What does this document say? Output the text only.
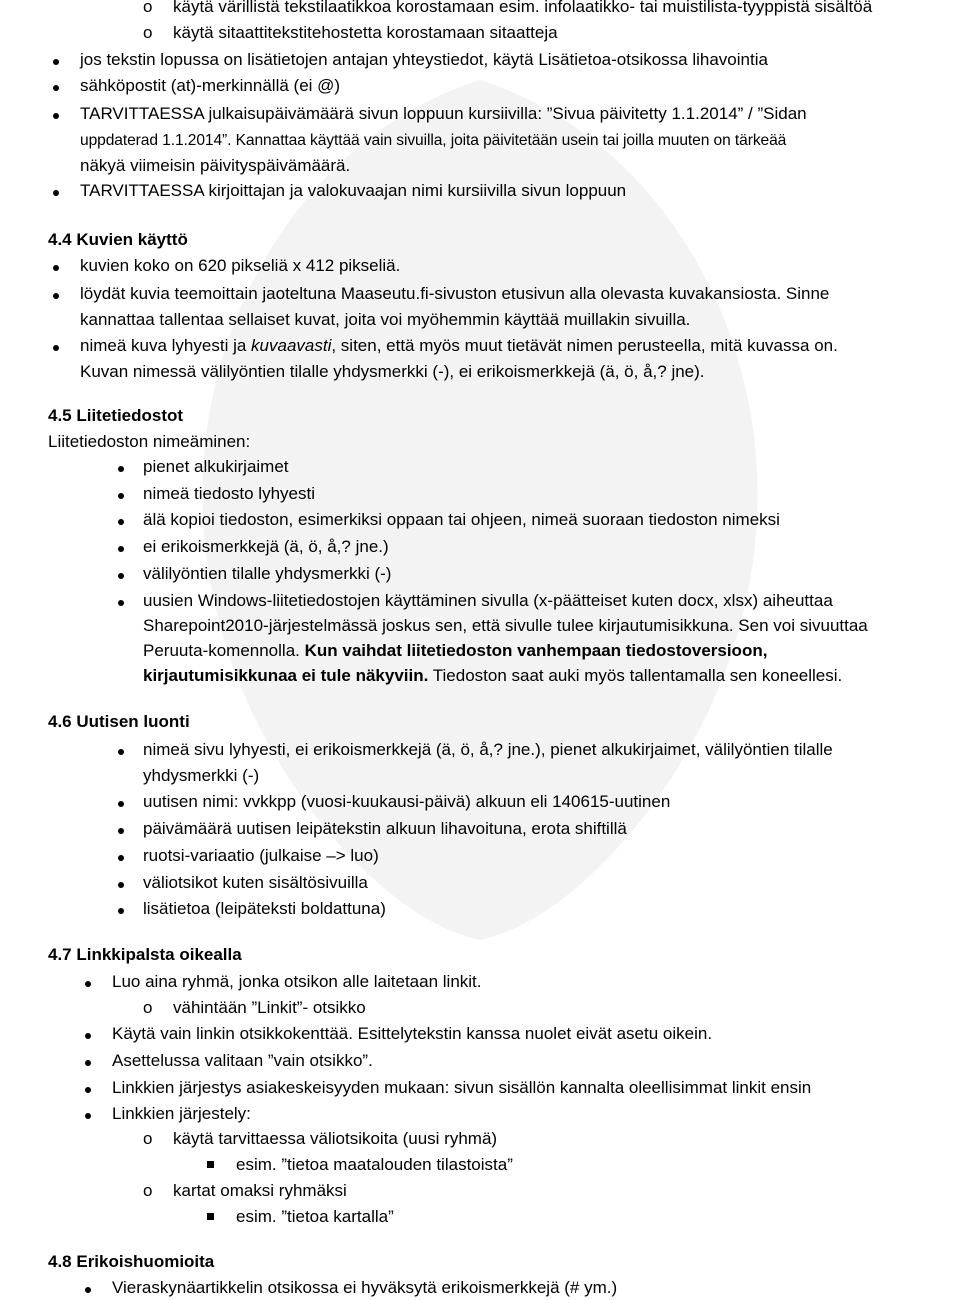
o käytä värillistä tekstilaatikkoa korostamaan esim. infolaatikko- tai muistilista-tyyppistä sisältöä
o käytä sitaattitekstitehostetta korostamaan sitaatteja
jos tekstin lopussa on lisätietojen antajan yhteystiedot, käytä Lisätietoa-otsikossa lihavointia
sähköpostit (at)-merkinnällä (ei @)
TARVITTAESSA julkaisupäivämäärä sivun loppuun kursiivilla: ”Sivua päivitetty 1.1.2014” / ”Sidan
uppdaterad 1.1.2014”. Kannattaa käyttää vain sivuilla, joita päivitetään usein tai joilla muuten on tärkeää
näkyä viimeisin päivityspäivämäärä.
TARVITTAESSA kirjoittajan ja valokuvaajan nimi kursiivilla sivun loppuun
4.4 Kuvien käyttö
kuvien koko on 620 pikseliä x 412 pikseliä.
löydät kuvia teemoittain jaoteltuna Maaseutu.fi-sivuston etusivun alla olevasta kuvakansiosta. Sinne
kannattaa tallentaa sellaiset kuvat, joita voi myöhemmin käyttää muillakin sivuilla.
nimeä kuva lyhyesti ja kuvaavasti, siten, että myös muut tietävät nimen perusteella, mitä kuvassa on.
Kuvan nimessä välilyöntien tilalle yhdysmerkki (-), ei erikoismerkkejä (ä, ö, å,? jne).
4.5 Liitetiedostot
Liitetiedoston nimeäminen:
pienet alkukirjaimet
nimeä tiedosto lyhyesti
älä kopioi tiedoston, esimerkiksi oppaan tai ohjeen, nimeä suoraan tiedoston nimeksi
ei erikoismerkkejä (ä, ö, å,? jne.)
välilyöntien tilalle yhdysmerkki (-)
uusien Windows-liitetiedostojen käyttäminen sivulla (x-päätteiset kuten docx, xlsx) aiheuttaa
Sharepoint2010-järjestelmässä joskus sen, että sivulle tulee kirjautumisikkuna. Sen voi sivuuttaa
Peruuta-komennolla. Kun vaihdat liitetiedoston vanhempaan tiedostoversioon,
kirjautumisikkunaa ei tule näkyviin. Tiedoston saat auki myös tallentamalla sen koneellesi.
4.6 Uutisen luonti
nimeä sivu lyhyesti, ei erikoismerkkejä (ä, ö, å,? jne.), pienet alkukirjaimet, välilyöntien tilalle
yhdysmerkki (-)
uutisen nimi: vvkkpp (vuosi-kuukausi-päivä) alkuun eli 140615-uutinen
päivämäärä uutisen leipätekstin alkuun lihavoituna, erota shiftillä
ruotsi-variaatio (julkaise –> luo)
väliotsikot kuten sisältösivuilla
lisätietoa (leipäteksti boldattuna)
4.7 Linkkipalsta oikealla
Luo aina ryhmä, jonka otsikon alle laitetaan linkit.
o vähintään ”Linkit”- otsikko
Käytä vain linkin otsikkokenttää. Esittelytekstin kanssa nuolet eivät asetu oikein.
Asettelussa valitaan ”vain otsikko”.
Linkkien järjestys asiakeskeisyyden mukaan: sivun sisällön kannalta oleellisimmat linkit ensin
Linkkien järjestely:
o käytä tarvittaessa väliotsikoita (uusi ryhmä)
esim. ”tietoa maatalouden tilastoista”
o kartat omaksi ryhmäksi
esim. ”tietoa kartalla”
4.8 Erikoishuomioita
Vieraskynäartikkelin otsikossa ei hyväksytä erikoismerkkejä (# ym.)
